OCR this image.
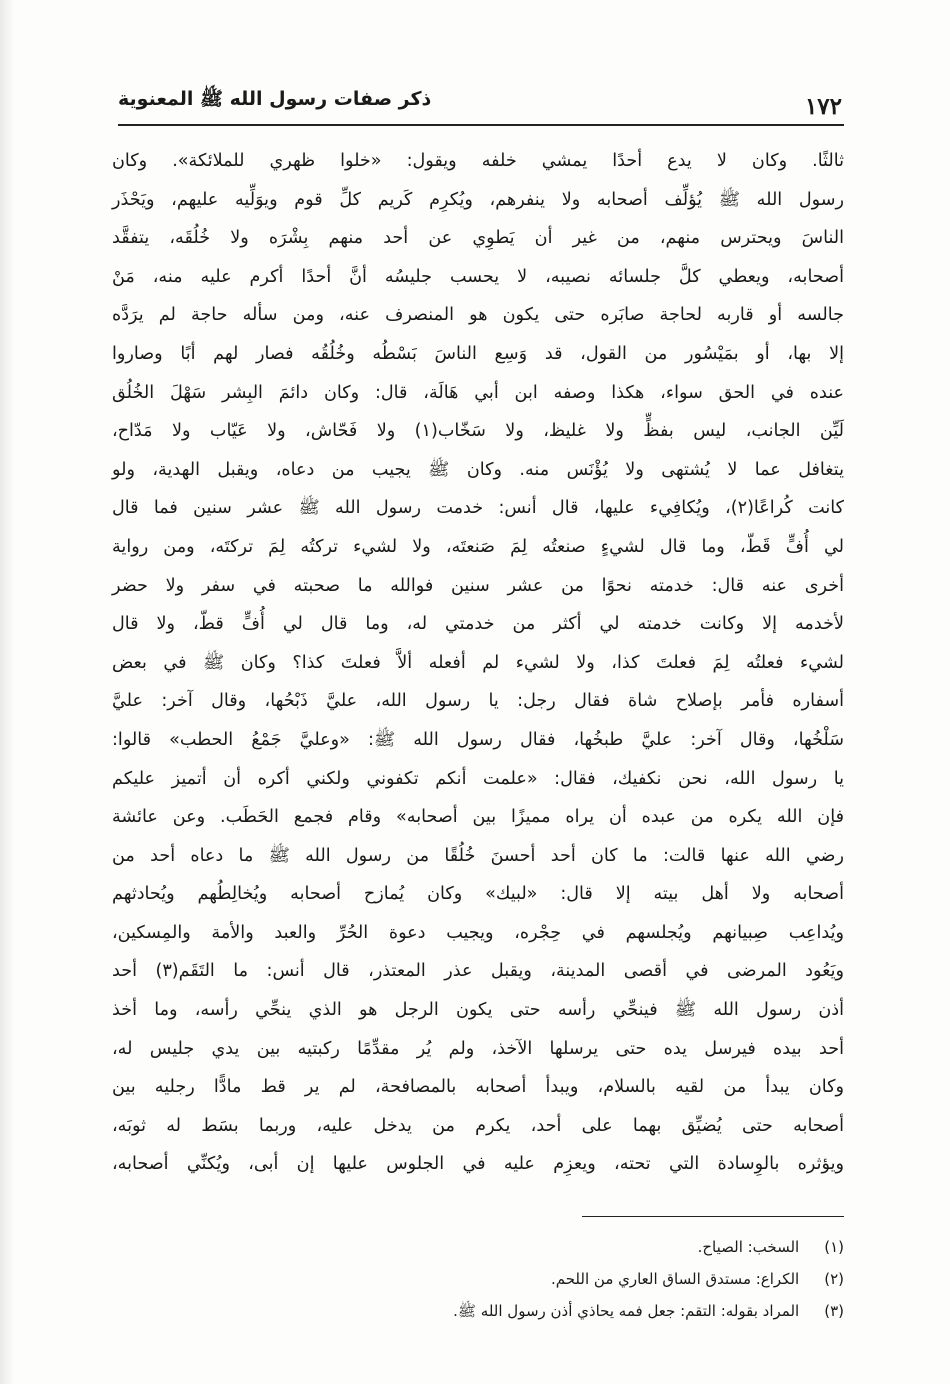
١٧٢
ذكر صفات رسول الله ﷺ المعنوية
ثالثًا. وكان لا يدع أحدًا يمشي خلفه ويقول: «خلوا ظهري للملائكة». وكان
رسول الله ﷺ يُؤلِّف أصحابه ولا ينفرهم، ويُكرِم كَريم كلِّ قوم ويوَلِّيه عليهم، ويَحْذَر
الناسَ ويحترس منهم، من غير أن يَطوِي عن أحد منهم بِشْرَه ولا خُلُقَه، يتفقَّد
أصحابه، ويعطي كلَّ جلسائه نصيبه، لا يحسب جليسُه أنَّ أحدًا أكرم عليه منه، مَنْ
جالسه أو قاربه لحاجة صابَره حتى يكون هو المنصرف عنه، ومن سأله حاجة لم يرَدَّه
إلا بها، أو بمَيْسُور من القول، قد وَسِع الناسَ بَسْطُه وخُلُقُه فصار لهم أبًا وصاروا
عنده في الحق سواء، هكذا وصفه ابن أبي هَالَة، قال: وكان دائمَ البِشر سَهْلَ الخُلُق
لَيِّن الجانب، ليس بفظٍّ ولا غليظ، ولا سَخّاب(١) ولا فَحّاش، ولا عَيّاب ولا مَدّاح،
يتغافل عما لا يُشتهى ولا يُؤْنَس منه. وكان ﷺ يجيب من دعاه، ويقبل الهدية، ولو
كانت كُراعًا(٢)، ويُكافِيء عليها، قال أنس: خدمت رسول الله ﷺ عشر سنين فما قال
لي أُفٍّ قَطّ، وما قال لشيءٍ صنعتُه لِمَ صَنعتَه، ولا لشيء تركتُه لِمَ تركتَه، ومن رواية
أخرى عنه قال: خدمته نحوًا من عشر سنين فوالله ما صحبته في سفر ولا حضر
لأخدمه إلا وكانت خدمته لي أكثر من خدمتي له، وما قال لي أُفٍّ قطّ، ولا قال
لشيء فعلتُه لِمَ فعلتَ كذا، ولا لشيء لم أفعله ألاَّ فعلتَ كذا؟ وكان ﷺ في بعض
أسفاره فأمر بإصلاح شاة فقال رجل: يا رسول الله، عليَّ ذَبْحُها، وقال آخر: عليَّ
سَلْخُها، وقال آخر: عليَّ طبخُها، فقال رسول الله ﷺ: «وعليَّ جَمْعُ الحطب» قالوا:
يا رسول الله، نحن نكفيك، فقال: «علمت أنكم تكفوني ولكني أكره أن أتميز عليكم
فإن الله يكره من عبده أن يراه مميزًا بين أصحابه» وقام فجمع الحَطَب. وعن عائشة
رضي الله عنها قالت: ما كان أحد أحسنَ خُلُقًا من رسول الله ﷺ ما دعاه أحد من
أصحابه ولا أهل بيته إلا قال: «لبيك» وكان يُمازح أصحابه ويُخالِطُهم ويُحادثهم
ويُداعِب صِبيانهم ويُجلسهم في حِجْره، ويجيب دعوة الحُرِّ والعبد والأمة والمِسكين،
ويَعُود المرضى في أقصى المدينة، ويقبل عذر المعتذر، قال أنس: ما التَقَم(٣) أحد
أذن رسول الله ﷺ فينحِّي رأسه حتى يكون الرجل هو الذي ينحِّي رأسه، وما أخذ
أحد بيده فيرسل يده حتى يرسلها الآخذ، ولم يُر مقدِّمًا ركبتيه بين يدي جليس له،
وكان يبدأ من لقيه بالسلام، ويبدأ أصحابه بالمصافحة، لم ير قط مادًّا رجليه بين
أصحابه حتى يُضيِّق بهما على أحد، يكرم من يدخل عليه، وربما بسَط له ثوبَه،
ويؤثره بالوِسادة التي تحته، ويعزِم عليه في الجلوس عليها إن أبى، ويُكنِّي أصحابه،
(١) السخب: الصياح.
(٢) الكراع: مستدق الساق العاري من اللحم.
(٣) المراد بقوله: التقم: جعل فمه يحاذي أذن رسول الله ﷺ.
